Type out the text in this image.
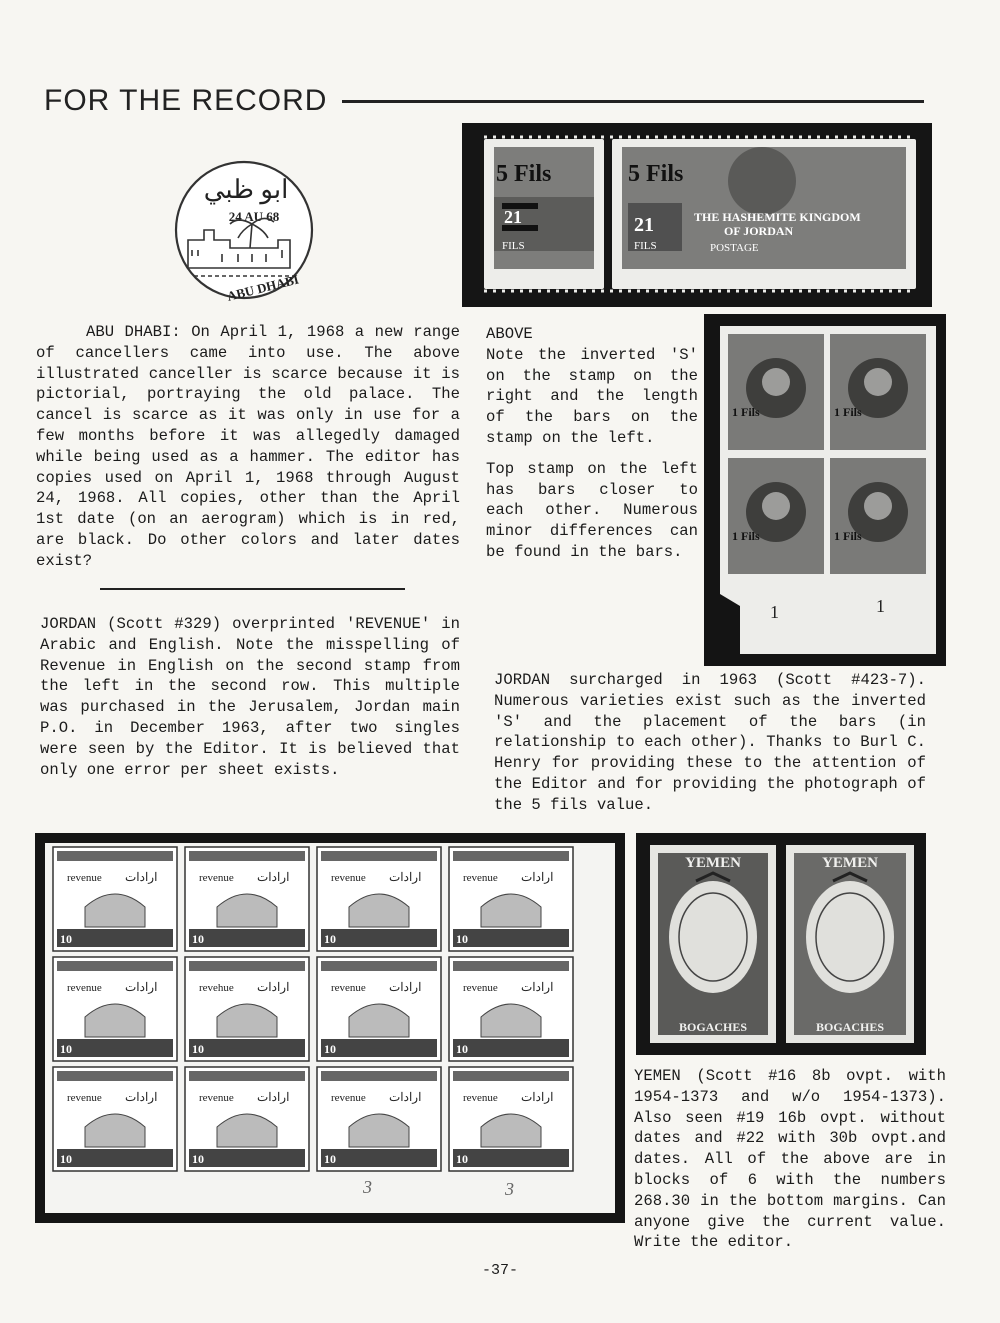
FOR THE RECORD
ابو ظبي
24 AU 68
ABU DHABI
5 Fils
21
FILS
5 Fils
21
FILS
THE HASHEMITE KINGDOM
OF JORDAN
POSTAGE

ABU DHABI: On April 1, 1968 a new range of cancellers came into use. The above illustrated canceller is scarce because it is pictorial, portraying the old palace. The cancel is scarce as it was only in use for a few months before it was allegedly damaged while being used as a hammer. The editor has copies used on April 1, 1968 through August 24, 1968. All copies, other than the April 1st date (on an aerogram) which is in red, are black. Do other colors and later dates exist?

ABOVE

Note the inverted 'S' on the stamp on the right and the length of the bars on the stamp on the left.

Top stamp on the left has bars closer to each other. Numerous minor differences can be found in the bars.

1 Fils	1 Fils
1 Fils	1 Fils
1	1

JORDAN (Scott #329) overprinted 'REVENUE' in Arabic and English. Note the misspelling of Revenue in English on the second stamp from the left in the second row. This multiple was purchased in the Jerusalem, Jordan main P.O. in December 1963, after two singles were seen by the Editor. It is believed that only one error per sheet exists.

JORDAN surcharged in 1963 (Scott #423-7). Numerous varieties exist such as the inverted 'S' and the placement of the bars (in relationship to each other). Thanks to Burl C. Henry for providing these to the attention of the Editor and for providing the photograph of the 5 fils value.

revenue ارادات
10
revenue ارادات
10
revenue ارادات
10
revenue ارادات
10
revenue ارادات
10
revehue ارادات
10
revenue ارادات
10
revenue ارادات
10
revenue ارادات
10
revenue ارادات
10
revenue ارادات
10
revenue ارادات
10
3	3
YEMEN	YEMEN
BOGACHES	BOGACHES

YEMEN (Scott #16 8b ovpt. with 1954-1373 and w/o 1954-1373). Also seen #19 16b ovpt. without dates and #22 with 30b ovpt.and dates. All of the above are in blocks of 6 with the numbers 268.30 in the bottom margins. Can anyone give the current value. Write the editor.

-37-
